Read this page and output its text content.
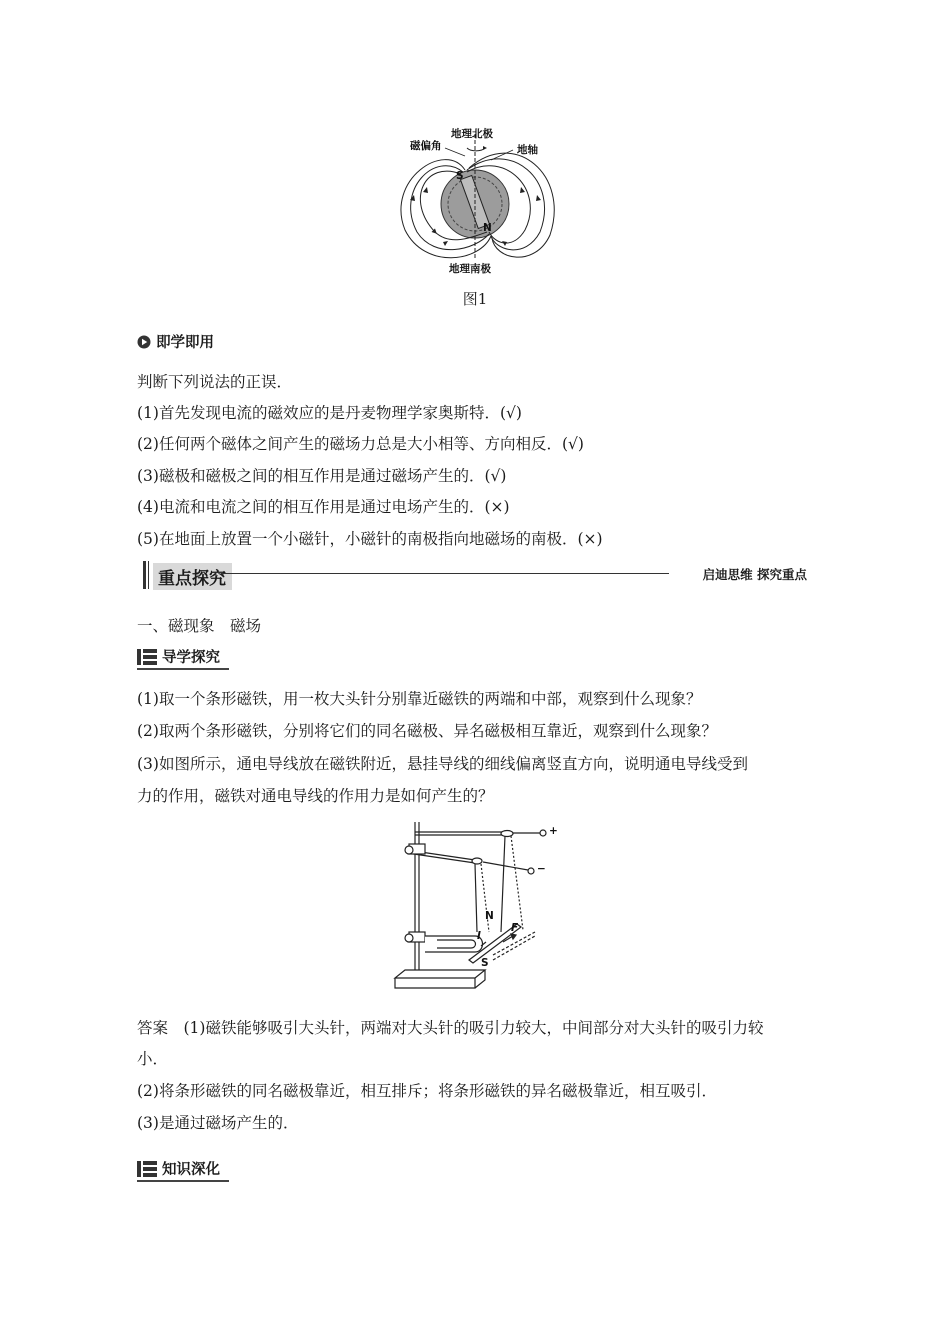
地理北极
磁偏角	地轴
S
N
地理南极
图1
即学即用
判断下列说法的正误．
(1)首先发现电流的磁效应的是丹麦物理学家奥斯特．(√)
(2)任何两个磁体之间产生的磁场力总是大小相等、方向相反．(√)
(3)磁极和磁极之间的相互作用是通过磁场产生的．(√)
(4)电流和电流之间的相互作用是通过电场产生的．(×)
(5)在地面上放置一个小磁针，小磁针的南极指向地磁场的南极．(×)
重点探究	启迪思维 探究重点
一、磁现象　磁场
导学探究
(1)取一个条形磁铁，用一枚大头针分别靠近磁铁的两端和中部，观察到什么现象？
(2)取两个条形磁铁，分别将它们的同名磁极、异名磁极相互靠近，观察到什么现象？
(3)如图所示，通电导线放在磁铁附近，悬挂导线的细线偏离竖直方向，说明通电导线受到
力的作用，磁铁对通电导线的作用力是如何产生的？
+
−
N
I
F
S
答案　(1)磁铁能够吸引大头针，两端对大头针的吸引力较大，中间部分对大头针的吸引力较
小．
(2)将条形磁铁的同名磁极靠近，相互排斥；将条形磁铁的异名磁极靠近，相互吸引．
(3)是通过磁场产生的．
知识深化
